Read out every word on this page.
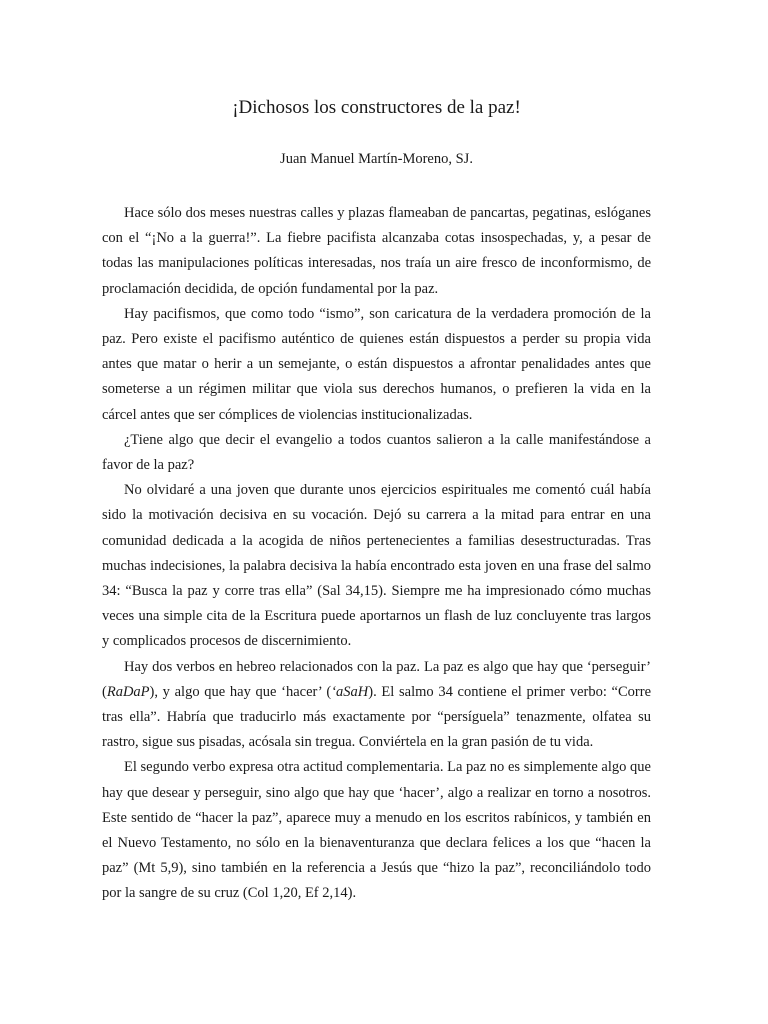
¡Dichosos los constructores de la paz!
Juan Manuel Martín-Moreno, SJ.

Hace sólo dos meses nuestras calles y plazas flameaban de pancartas, pegatinas, eslóganes con el “¡No a la guerra!”. La fiebre pacifista alcanzaba cotas insospechadas, y, a pesar de todas las manipulaciones políticas interesadas, nos traía un aire fresco de inconformismo, de proclamación decidida, de opción fundamental por la paz.

Hay pacifismos, que como todo “ismo”, son caricatura de la verdadera promoción de la paz. Pero existe el pacifismo auténtico de quienes están dispuestos a perder su propia vida antes que matar o herir a un semejante, o están dispuestos a afrontar penalidades antes que someterse a un régimen militar que viola sus derechos humanos, o prefieren la vida en la cárcel antes que ser cómplices de violencias institucionalizadas.

¿Tiene algo que decir el evangelio a todos cuantos salieron a la calle manifestándose a favor de la paz?

No olvidaré a una joven que durante unos ejercicios espirituales me comentó cuál había sido la motivación decisiva en su vocación. Dejó su carrera a la mitad para entrar en una comunidad dedicada a la acogida de niños pertenecientes a familias desestructuradas. Tras muchas indecisiones, la palabra decisiva la había encontrado esta joven en una frase del salmo 34: “Busca la paz y corre tras ella” (Sal 34,15). Siempre me ha impresionado cómo muchas veces una simple cita de la Escritura puede aportarnos un flash de luz concluyente tras largos y complicados procesos de discernimiento.

Hay dos verbos en hebreo relacionados con la paz. La paz es algo que hay que ‘perseguir’ (RaDaP), y algo que hay que ‘hacer’ (‘aSaH). El salmo 34 contiene el primer verbo: “Corre tras ella”. Habría que traducirlo más exactamente por “persíguela” tenazmente, olfatea su rastro, sigue sus pisadas, acósala sin tregua. Conviértela en la gran pasión de tu vida.

El segundo verbo expresa otra actitud complementaria. La paz no es simplemente algo que hay que desear y perseguir, sino algo que hay que ‘hacer’, algo a realizar en torno a nosotros. Este sentido de “hacer la paz”, aparece muy a menudo en los escritos rabínicos, y también en el Nuevo Testamento, no sólo en la bienaventuranza que declara felices a los que “hacen la paz” (Mt 5,9), sino también en la referencia a Jesús que “hizo la paz”, reconciliándolo todo por la sangre de su cruz (Col 1,20, Ef 2,14).
